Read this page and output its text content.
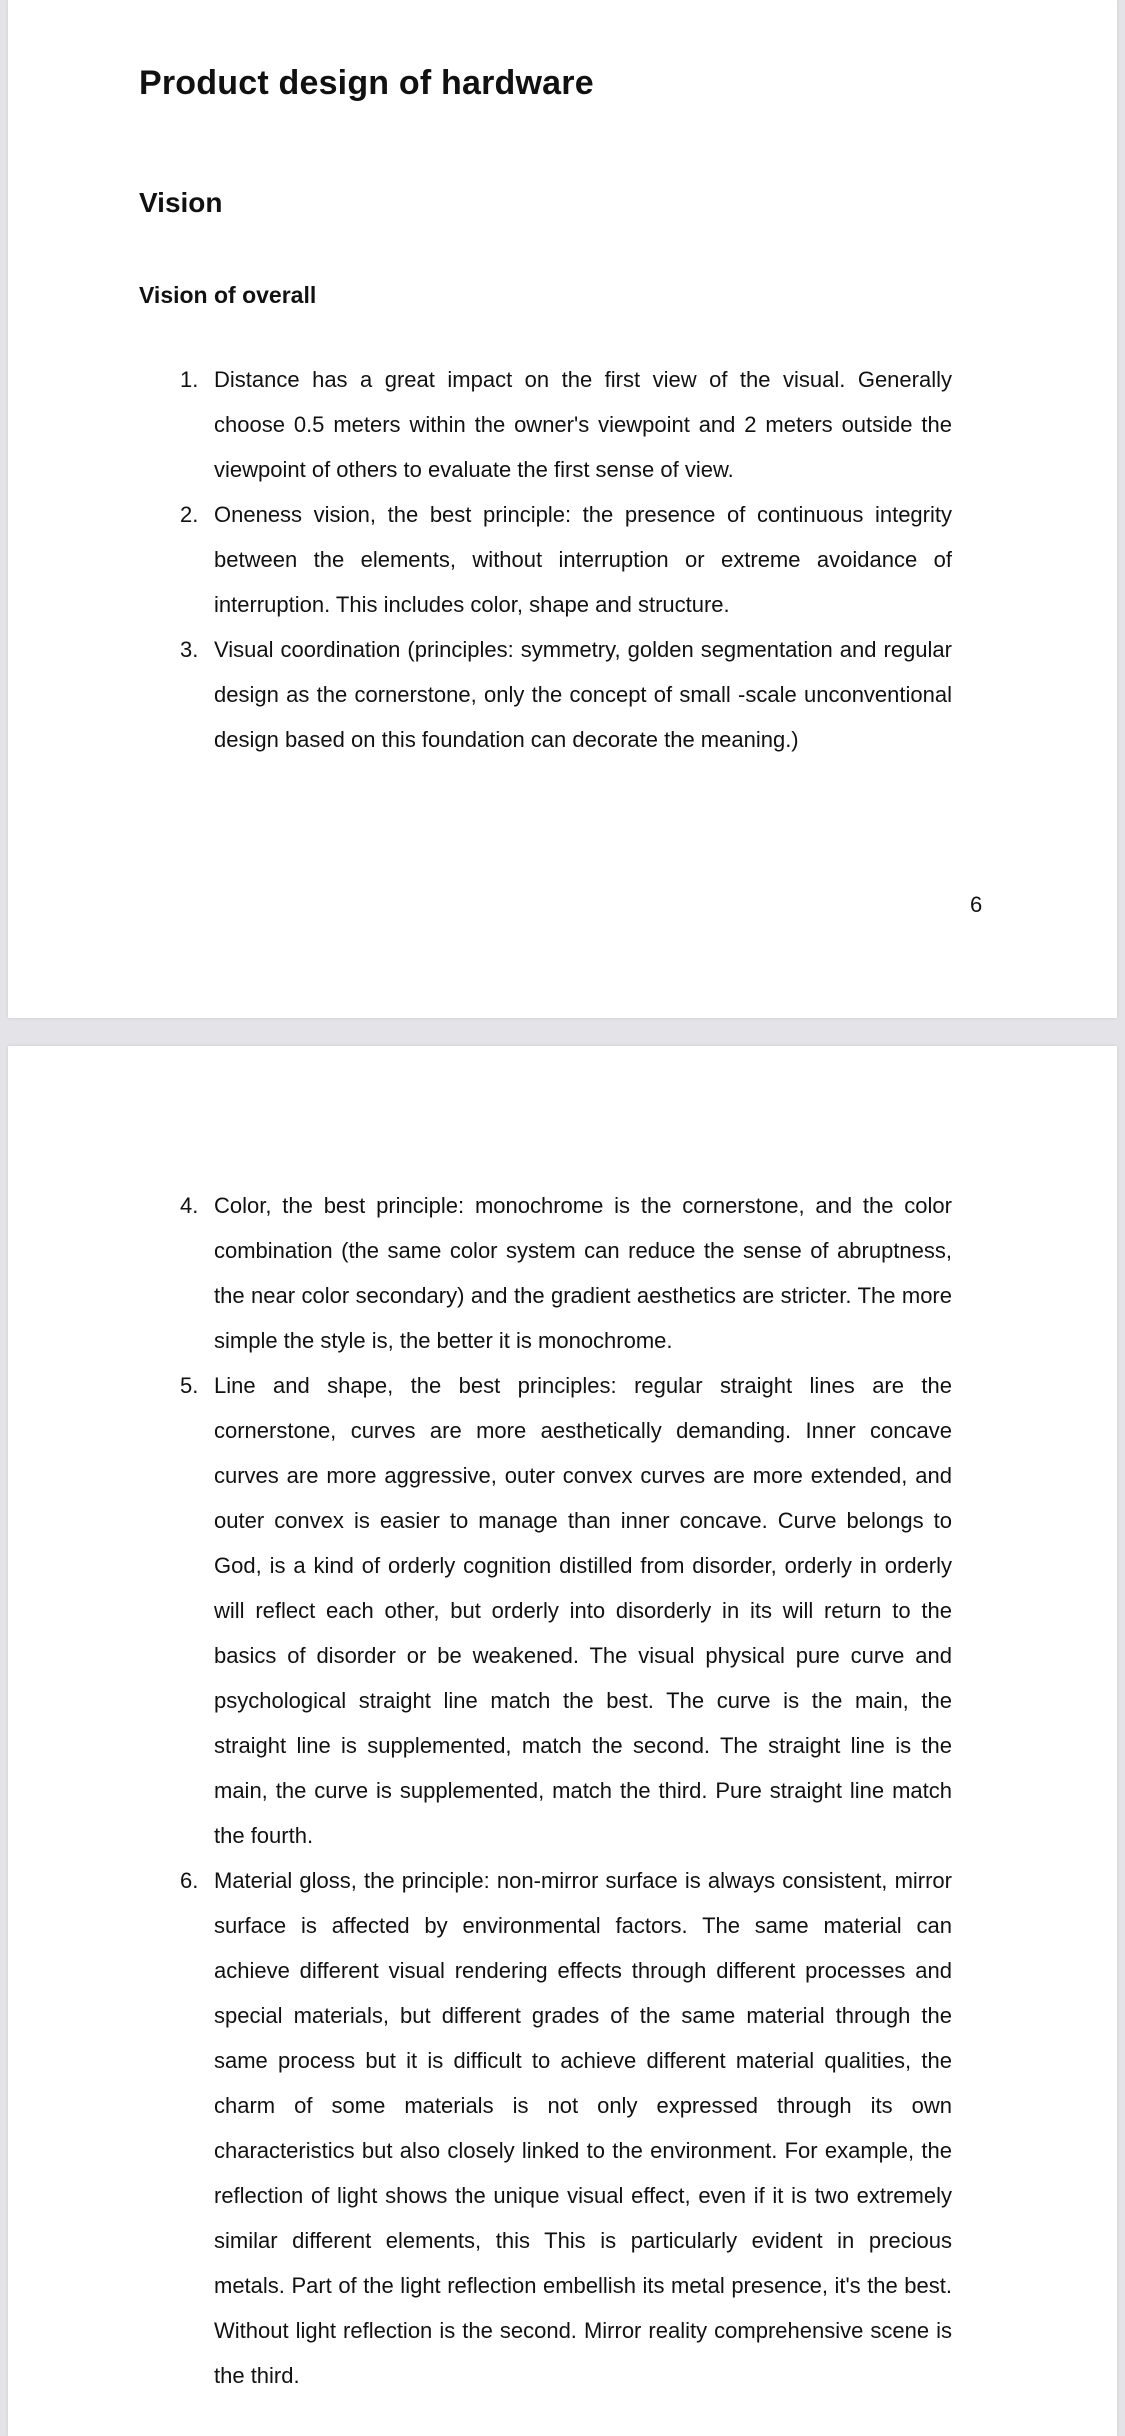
Product design of hardware
Vision
Vision of overall
1. Distance has a great impact on the first view of the visual. Generally choose 0.5 meters within the owner's viewpoint and 2 meters outside the viewpoint of others to evaluate the first sense of view.

2. Oneness vision, the best principle: the presence of continuous integrity between the elements, without interruption or extreme avoidance of interruption. This includes color, shape and structure.

3. Visual coordination (principles: symmetry, golden segmentation and regular design as the cornerstone, only the concept of small -scale unconventional design based on this foundation can decorate the meaning.)

6
4. Color, the best principle: monochrome is the cornerstone, and the color combination (the same color system can reduce the sense of abruptness, the near color secondary) and the gradient aesthetics are stricter. The more simple the style is, the better it is monochrome.

5. Line and shape, the best principles: regular straight lines are the cornerstone, curves are more aesthetically demanding. Inner concave curves are more aggressive, outer convex curves are more extended, and outer convex is easier to manage than inner concave. Curve belongs to God, is a kind of orderly cognition distilled from disorder, orderly in orderly will reflect each other, but orderly into disorderly in its will return to the basics of disorder or be weakened. The visual physical pure curve and psychological straight line match the best. The curve is the main, the straight line is supplemented, match the second. The straight line is the main, the curve is supplemented, match the third. Pure straight line match the fourth.

6. Material gloss, the principle: non-mirror surface is always consistent, mirror surface is affected by environmental factors. The same material can achieve different visual rendering effects through different processes and special materials, but different grades of the same material through the same process but it is difficult to achieve different material qualities, the charm of some materials is not only expressed through its own characteristics but also closely linked to the environment. For example, the reflection of light shows the unique visual effect, even if it is two extremely similar different elements, this This is particularly evident in precious metals. Part of the light reflection embellish its metal presence, it's the best. Without light reflection is the second. Mirror reality comprehensive scene is the third.
